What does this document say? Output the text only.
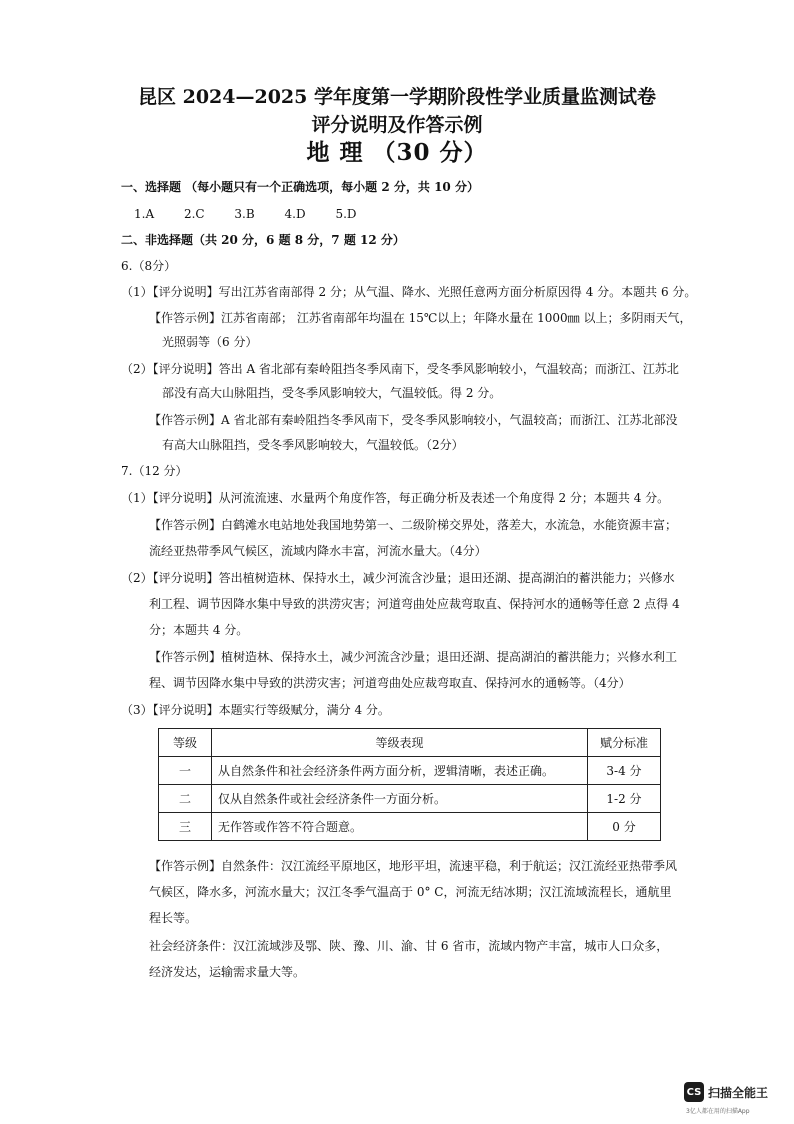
昆区 2024—2025 学年度第一学期阶段性学业质量监测试卷
评分说明及作答示例
地 理 （30 分）
一、选择题 （每小题只有一个正确选项，每小题 2 分，共 10 分）
1.A 2.C 3.B 4.D 5.D
二、非选择题（共 20 分，6 题 8 分，7 题 12 分）
6.（8分）
（1）【评分说明】写出江苏省南部得 2 分；从气温、降水、光照任意两方面分析原因得 4 分。本题共 6 分。
【作答示例】江苏省南部； 江苏省南部年均温在 15℃以上；年降水量在 1000㎜ 以上；多阴雨天气，
光照弱等（6 分）
（2）【评分说明】答出 A 省北部有秦岭阻挡冬季风南下，受冬季风影响较小，气温较高；而浙江、江苏北
部没有高大山脉阻挡，受冬季风影响较大，气温较低。得 2 分。
【作答示例】A 省北部有秦岭阻挡冬季风南下，受冬季风影响较小，气温较高；而浙江、江苏北部没
有高大山脉阻挡，受冬季风影响较大，气温较低。（2分）
7.（12 分）
（1）【评分说明】从河流流速、水量两个角度作答，每正确分析及表述一个角度得 2 分；本题共 4 分。
【作答示例】白鹤滩水电站地处我国地势第一、二级阶梯交界处，落差大，水流急，水能资源丰富；
流经亚热带季风气候区，流域内降水丰富，河流水量大。（4分）
（2）【评分说明】答出植树造林、保持水土，减少河流含沙量；退田还湖、提高湖泊的蓄洪能力；兴修水
利工程、调节因降水集中导致的洪涝灾害；河道弯曲处应裁弯取直、保持河水的通畅等任意 2 点得 4
分；本题共 4 分。
【作答示例】植树造林、保持水土，减少河流含沙量；退田还湖、提高湖泊的蓄洪能力；兴修水利工
程、调节因降水集中导致的洪涝灾害；河道弯曲处应裁弯取直、保持河水的通畅等。（4分）
（3）【评分说明】本题实行等级赋分，满分 4 分。
等级	等级表现	赋分标准
一	从自然条件和社会经济条件两方面分析，逻辑清晰，表述正确。	3-4 分
二	仅从自然条件或社会经济条件一方面分析。	1-2 分
三	无作答或作答不符合题意。	0 分
【作答示例】自然条件：汉江流经平原地区，地形平坦，流速平稳，利于航运；汉江流经亚热带季风
气候区，降水多，河流水量大；汉江冬季气温高于 0° C，河流无结冰期；汉江流域流程长，通航里
程长等。
社会经济条件：汉江流域涉及鄂、陕、豫、川、渝、甘 6 省市，流域内物产丰富，城市人口众多，
经济发达，运输需求量大等。
CS 扫描全能王
3亿人都在用的扫描App
